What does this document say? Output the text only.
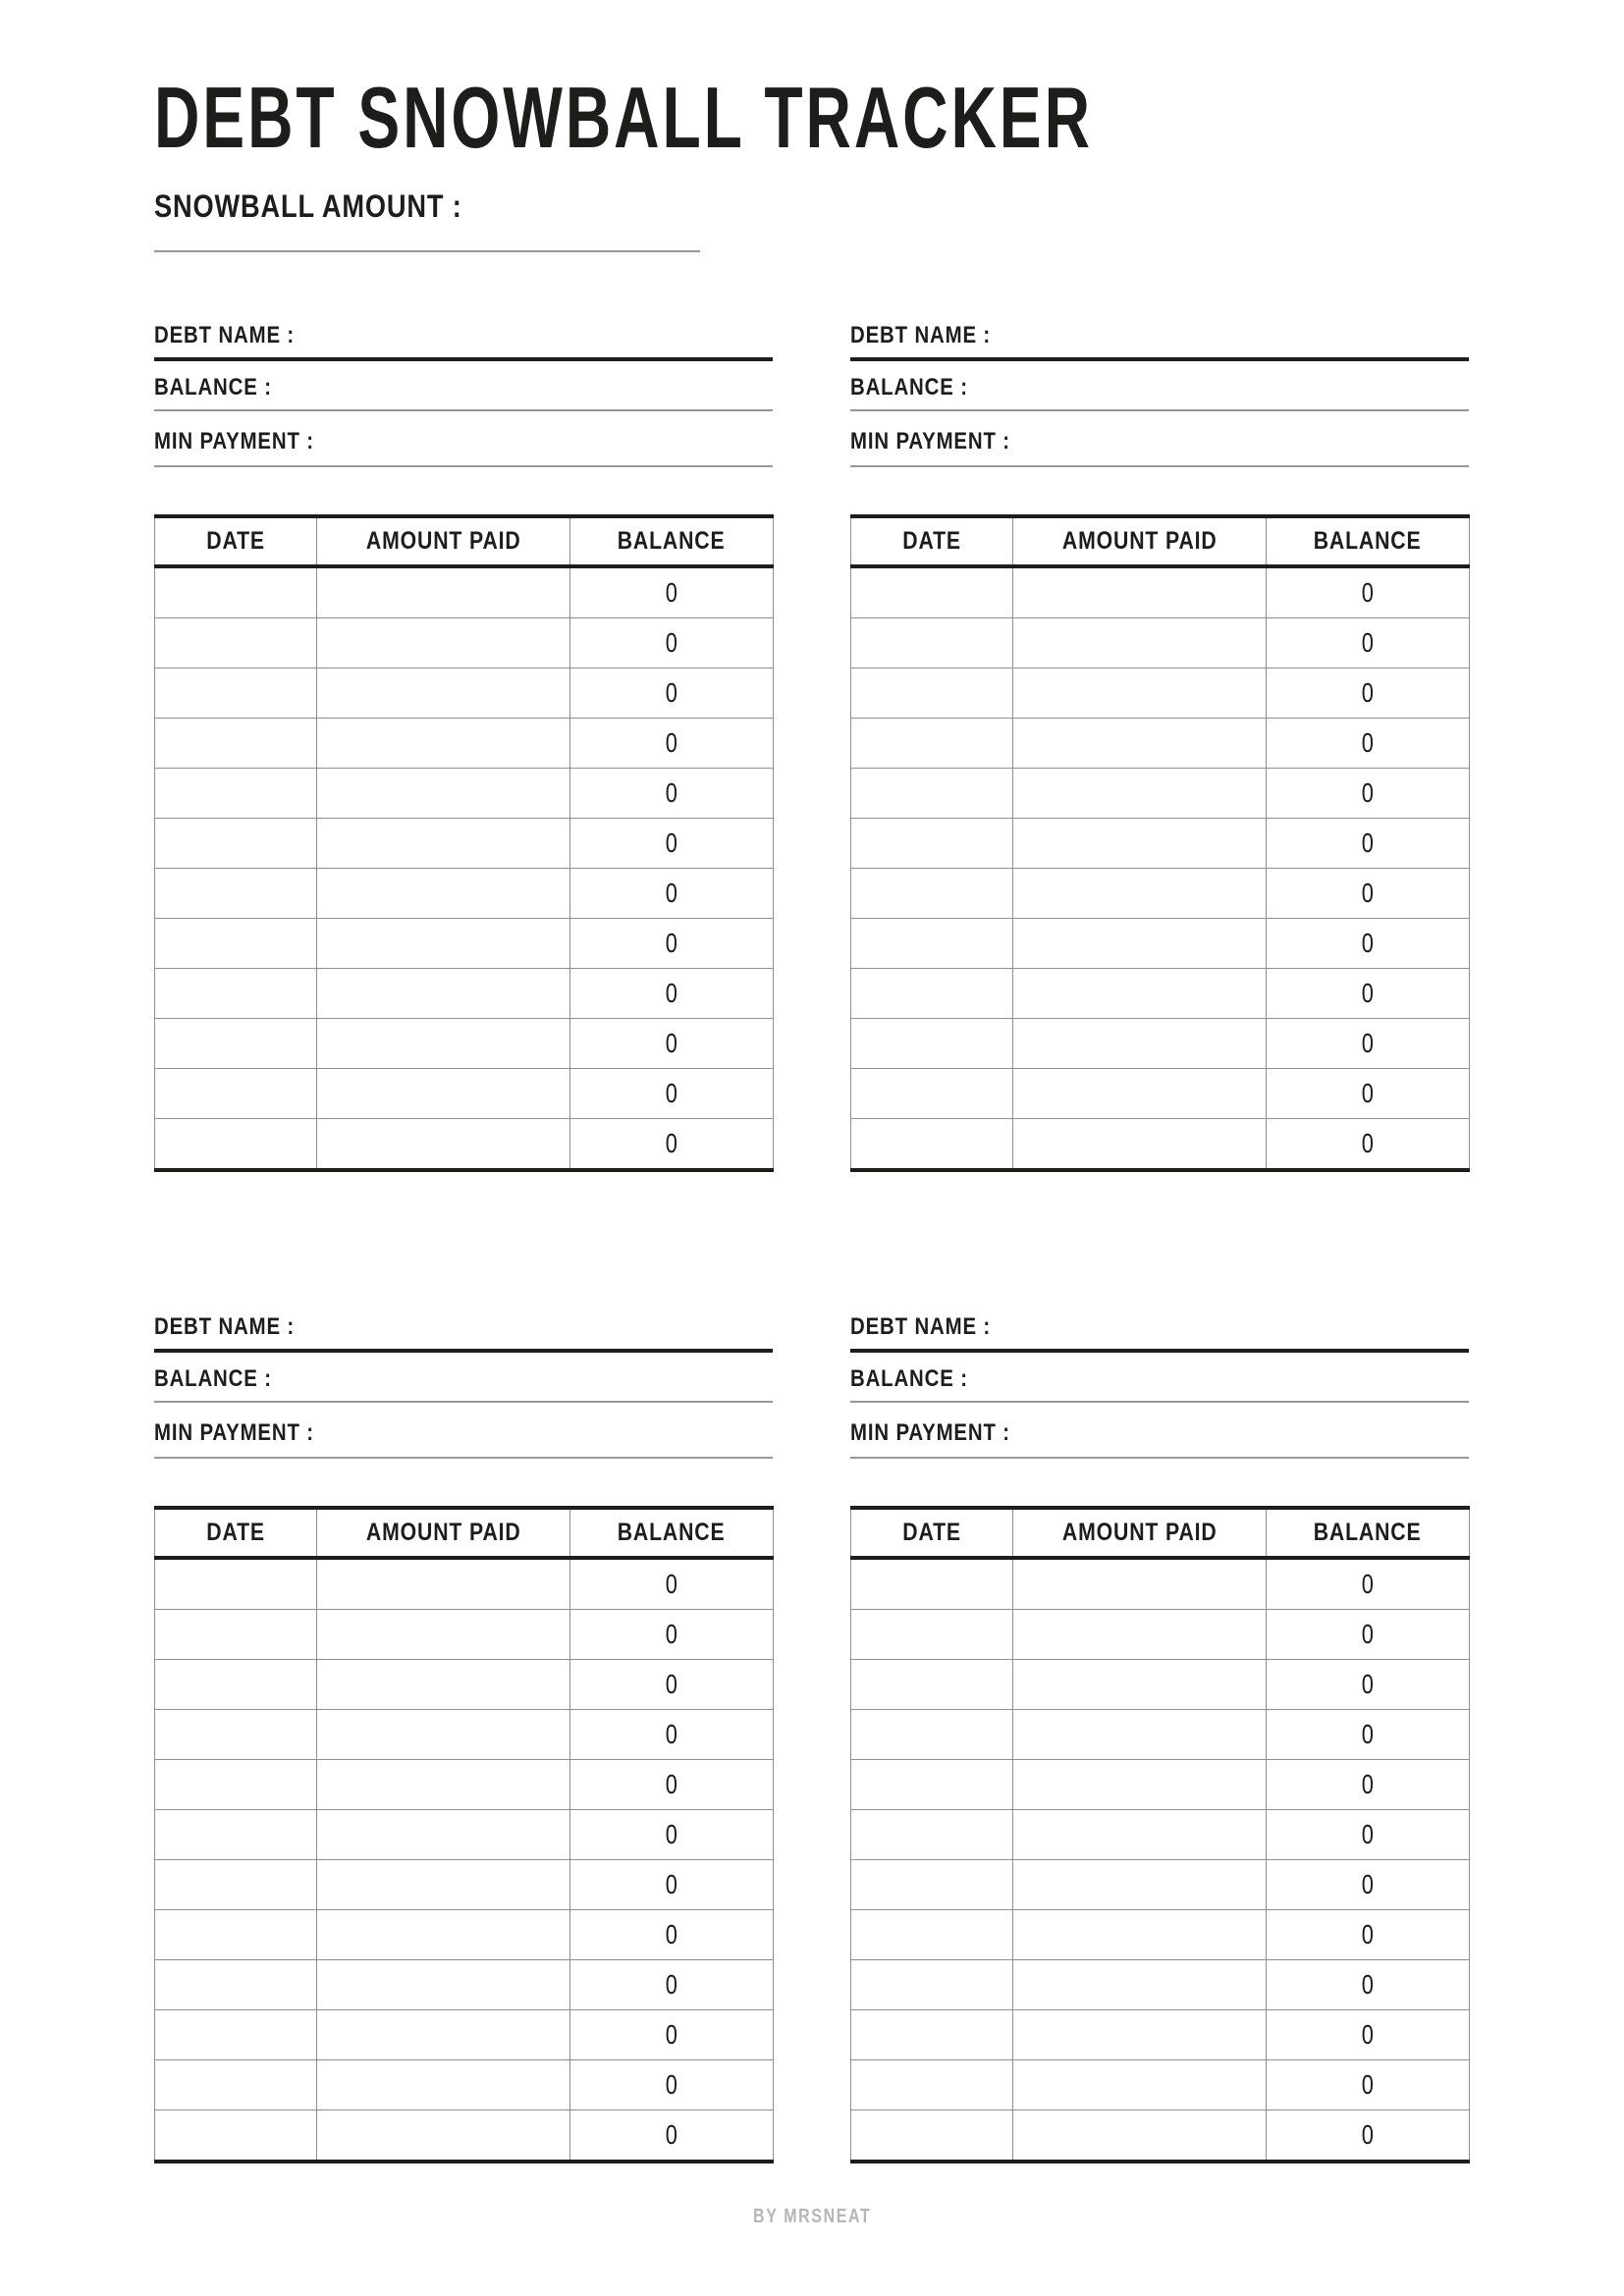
DEBT SNOWBALL TRACKER
SNOWBALL AMOUNT :
DEBT NAME :
BALANCE :
MIN PAYMENT :
DATE	AMOUNT PAID	BALANCE
		0
		0
		0
		0
		0
		0
		0
		0
		0
		0
		0
		0
DEBT NAME :
BALANCE :
MIN PAYMENT :
DATE	AMOUNT PAID	BALANCE
		0
		0
		0
		0
		0
		0
		0
		0
		0
		0
		0
		0
DEBT NAME :
BALANCE :
MIN PAYMENT :
DATE	AMOUNT PAID	BALANCE
		0
		0
		0
		0
		0
		0
		0
		0
		0
		0
		0
		0
DEBT NAME :
BALANCE :
MIN PAYMENT :
DATE	AMOUNT PAID	BALANCE
		0
		0
		0
		0
		0
		0
		0
		0
		0
		0
		0
		0
BY MRSNEAT
